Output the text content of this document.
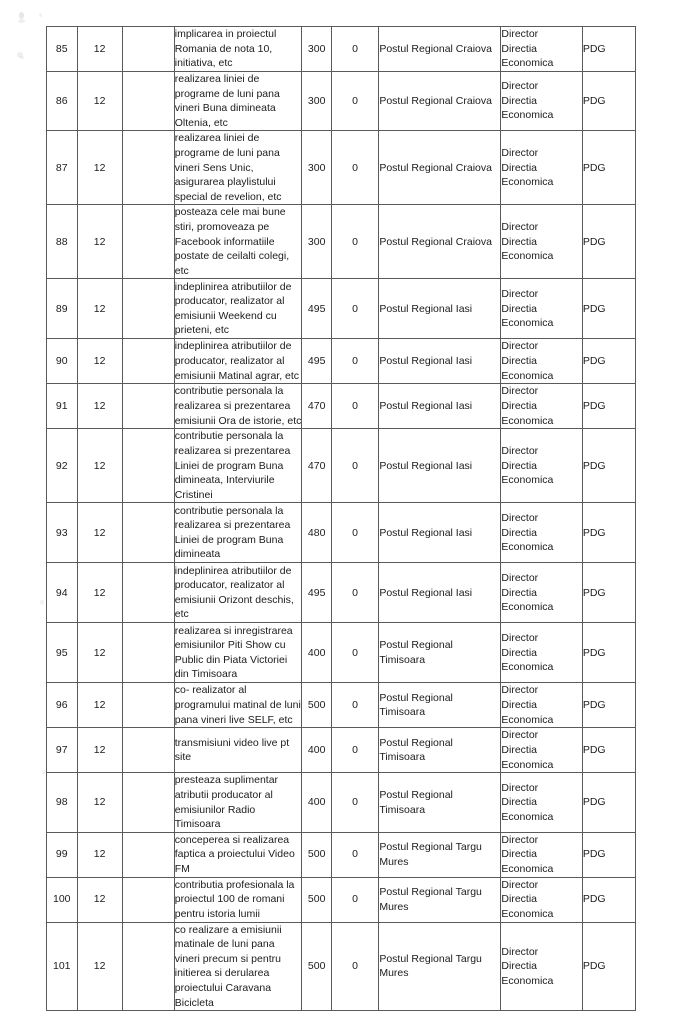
85	12		implicarea in proiectul Romania de nota 10, initiativa, etc	300	0	Postul Regional Craiova	Director
Directia
Economica	PDG
86	12		realizarea liniei de programe de luni pana vineri Buna dimineata Oltenia, etc	300	0	Postul Regional Craiova	Director
Directia
Economica	PDG
87	12		realizarea liniei de programe de luni pana vineri Sens Unic, asigurarea playlistului special de revelion, etc	300	0	Postul Regional Craiova	Director
Directia
Economica	PDG
88	12		posteaza cele mai bune stiri, promoveaza pe Facebook informatiile postate de ceilalti colegi, etc	300	0	Postul Regional Craiova	Director
Directia
Economica	PDG
89	12		indeplinirea atributiilor de producator, realizator al emisiunii Weekend cu prieteni, etc	495	0	Postul Regional Iasi	Director
Directia
Economica	PDG
90	12		indeplinirea atributiilor de producator, realizator al emisiunii Matinal agrar, etc	495	0	Postul Regional Iasi	Director
Directia
Economica	PDG
91	12		contributie personala la realizarea si prezentarea emisiunii Ora de istorie, etc	470	0	Postul Regional Iasi	Director
Directia
Economica	PDG
92	12		contributie personala la realizarea si prezentarea Liniei de program Buna dimineata, Interviurile Cristinei	470	0	Postul Regional Iasi	Director
Directia
Economica	PDG
93	12		contributie personala la realizarea si prezentarea Liniei de program Buna dimineata	480	0	Postul Regional Iasi	Director
Directia
Economica	PDG
94	12		indeplinirea atributiilor de producator, realizator al emisiunii Orizont deschis, etc	495	0	Postul Regional Iasi	Director
Directia
Economica	PDG
95	12		realizarea si inregistrarea emisiunilor Piti Show cu Public din Piata Victoriei din Timisoara	400	0	Postul Regional Timisoara	Director
Directia
Economica	PDG
96	12		co- realizator al programului matinal de luni pana vineri live SELF, etc	500	0	Postul Regional Timisoara	Director
Directia
Economica	PDG
97	12		transmisiuni video live pt site	400	0	Postul Regional Timisoara	Director
Directia
Economica	PDG
98	12		presteaza suplimentar atributii producator al emisiunilor Radio Timisoara	400	0	Postul Regional Timisoara	Director
Directia
Economica	PDG
99	12		conceperea si realizarea faptica a proiectului Video FM	500	0	Postul Regional Targu Mures	Director
Directia
Economica	PDG
100	12		contributia profesionala la proiectul 100 de romani pentru istoria lumii	500	0	Postul Regional Targu Mures	Director
Directia
Economica	PDG
101	12		co realizare a emisiunii matinale de luni pana vineri precum si pentru initierea si derularea proiectului Caravana Bicicleta	500	0	Postul Regional Targu Mures	Director
Directia
Economica	PDG
